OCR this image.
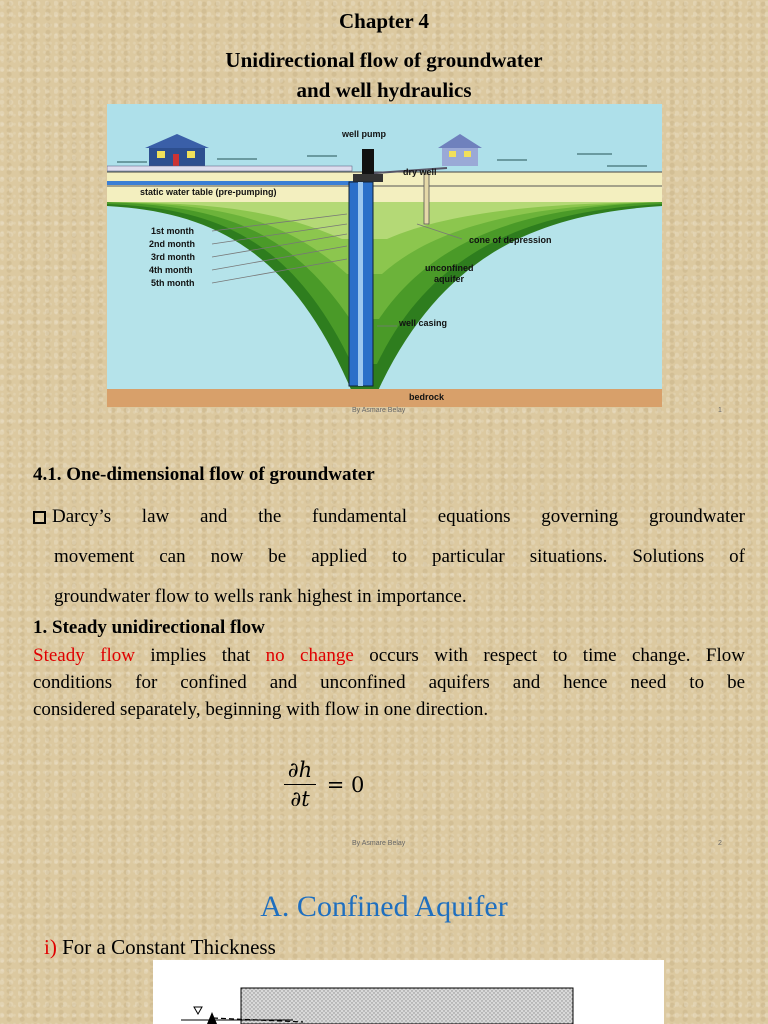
Chapter 4
Unidirectional flow of groundwater
and well hydraulics
well pump
dry well
static water table (pre-pumping)
1st month
2nd month
3rd month
4th month
5th month
cone of depression
unconfined
aquifer
well casing
bedrock
By Asmare Belay	1
4.1. One-dimensional flow of groundwater
Darcy’s law and the fundamental equations governing groundwater
movement can now be applied to particular situations. Solutions of
groundwater flow to wells rank highest in importance.
1. Steady unidirectional flow
Steady flow implies that no change occurs with respect to time change. Flow
conditions for confined and unconfined aquifers and hence need to be
considered separately, beginning with flow in one direction.
$\frac{\partial h}{\partial t} = 0$
By Asmare Belay	2
A. Confined Aquifer
i) For a Constant Thickness
